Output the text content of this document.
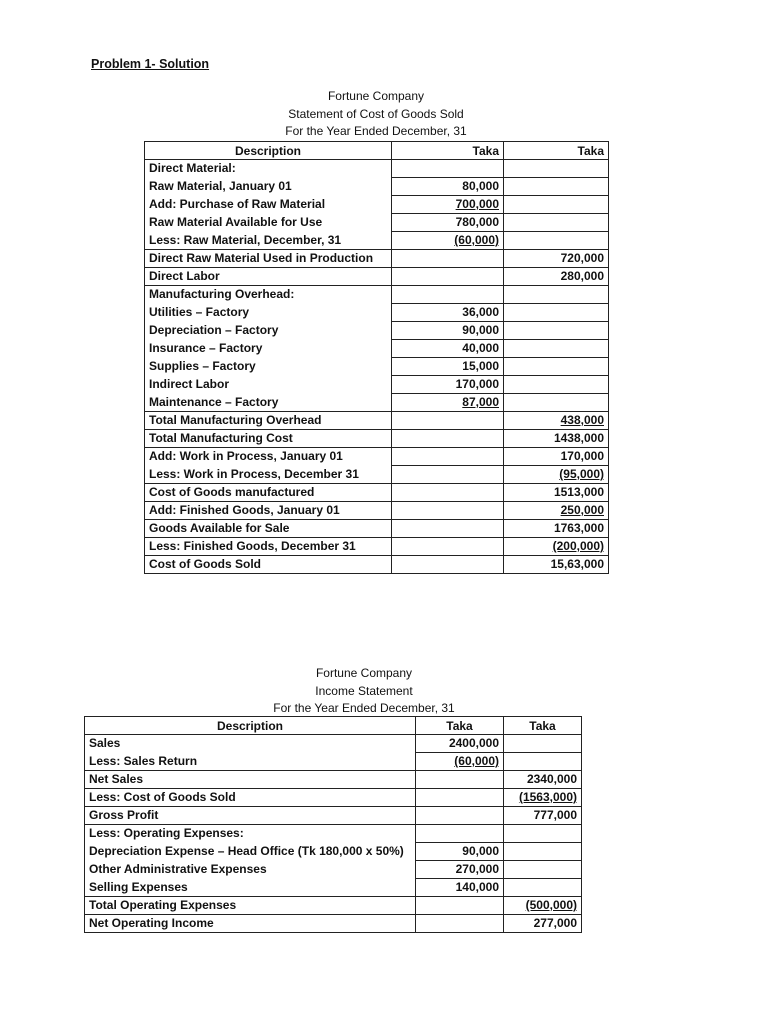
Problem 1- Solution
Fortune Company
Statement of Cost of Goods Sold
For the Year Ended December, 31
Description	Taka	Taka
Direct Material:		
Raw Material, January 01	80,000	
Add: Purchase of Raw Material	700,000	
Raw Material Available for Use	780,000	
Less: Raw Material, December, 31	(60,000)	
Direct Raw Material Used in Production		720,000
Direct Labor		280,000
Manufacturing Overhead:		
Utilities – Factory	36,000	
Depreciation – Factory	90,000	
Insurance – Factory	40,000	
Supplies – Factory	15,000	
Indirect Labor	170,000	
Maintenance – Factory	87,000	
Total Manufacturing Overhead		438,000
Total Manufacturing Cost		1438,000
Add: Work in Process, January 01		170,000
Less: Work in Process, December 31		(95,000)
Cost of Goods manufactured		1513,000
Add: Finished Goods, January 01		250,000
Goods Available for Sale		1763,000
Less: Finished Goods, December 31		(200,000)
Cost of Goods Sold		15,63,000
Fortune Company
Income Statement
For the Year Ended December, 31
Description	Taka	Taka
Sales	2400,000	
Less: Sales Return	(60,000)	
Net Sales		2340,000
Less: Cost of Goods Sold		(1563,000)
Gross Profit		777,000
Less: Operating Expenses:		
Depreciation Expense – Head Office (Tk 180,000 x 50%)	90,000	
Other Administrative Expenses	270,000	
Selling Expenses	140,000	
Total Operating Expenses		(500,000)
Net Operating Income		277,000
